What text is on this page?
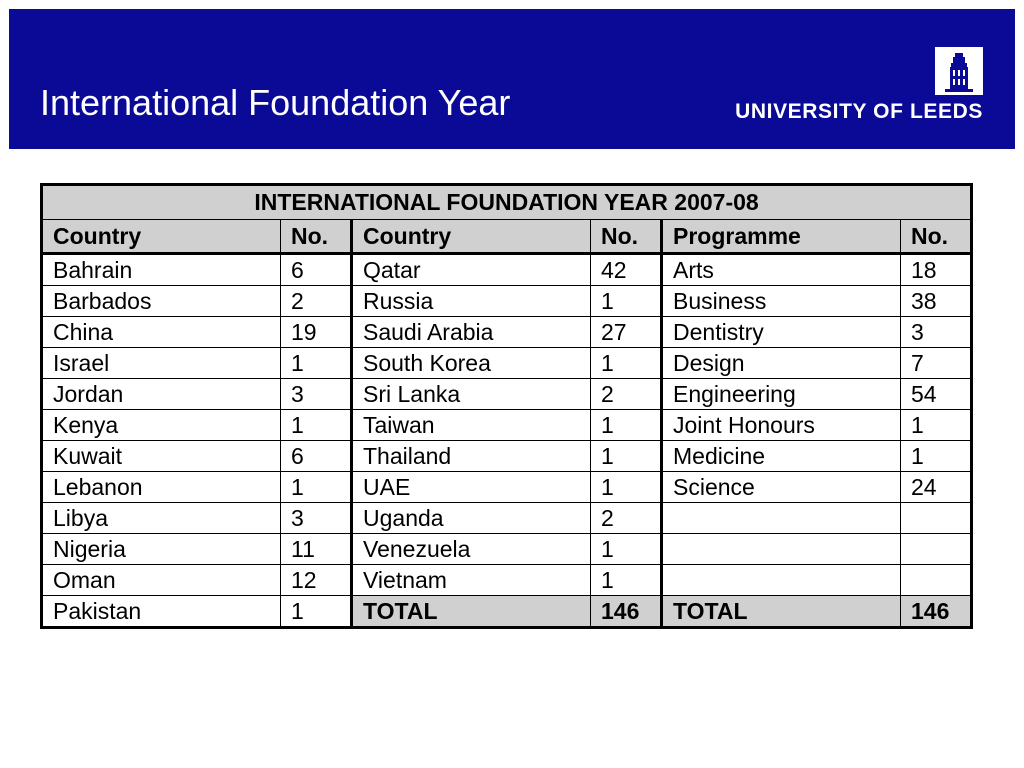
International Foundation Year	UNIVERSITY OF LEEDS
INTERNATIONAL FOUNDATION YEAR 2007-08					
Country	No.	Country	No.	Programme	No.
Bahrain	6	Qatar	42	Arts	18
Barbados	2	Russia	1	Business	38
China	19	Saudi Arabia	27	Dentistry	3
Israel	1	South Korea	1	Design	7
Jordan	3	Sri Lanka	2	Engineering	54
Kenya	1	Taiwan	1	Joint Honours	1
Kuwait	6	Thailand	1	Medicine	1
Lebanon	1	UAE	1	Science	24
Libya	3	Uganda	2		
Nigeria	11	Venezuela	1		
Oman	12	Vietnam	1		
Pakistan	1	TOTAL	146	TOTAL	146
